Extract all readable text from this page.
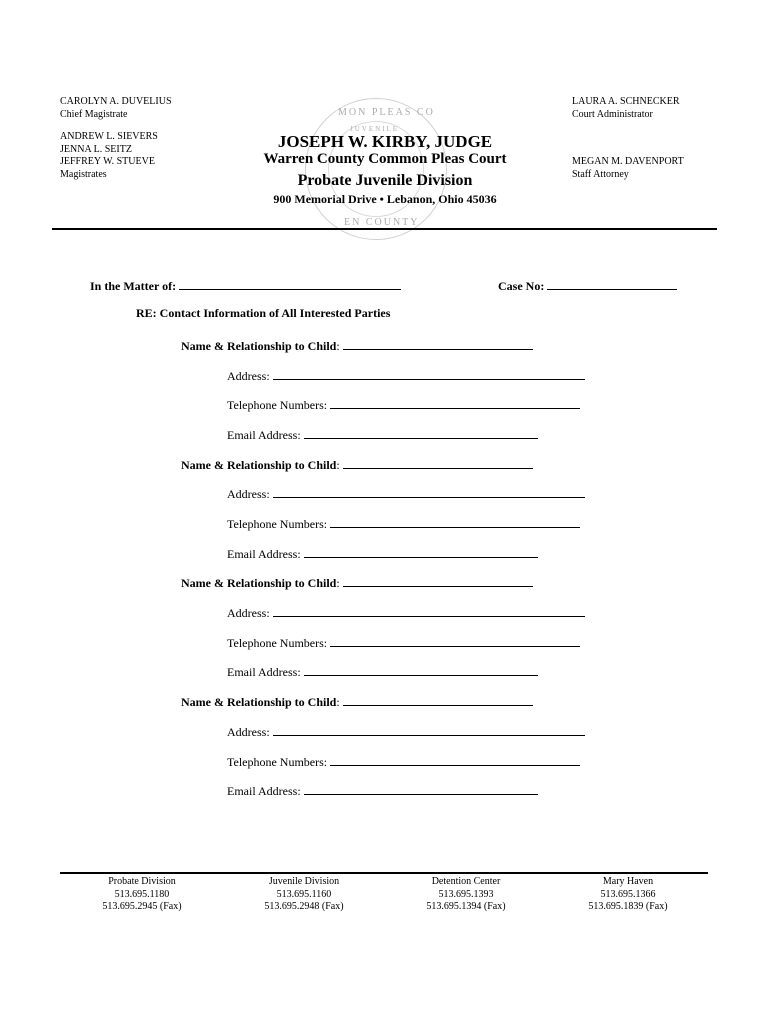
CAROLYN A. DUVELIUS
Chief Magistrate
ANDREW L. SIEVERS
JENNA L. SEITZ
JEFFREY W. STUEVE
Magistrates
LAURA A. SCHNECKER
Court Administrator
MEGAN M. DAVENPORT
Staff Attorney
MON PLEAS CO
JUVENILE
EN COUNTY
JOSEPH W. KIRBY, JUDGE
Warren County Common Pleas Court
Probate Juvenile Division
900 Memorial Drive • Lebanon, Ohio 45036
In the Matter of:	Case No:
RE: Contact Information of All Interested Parties
Name & Relationship to Child:
Address:
Telephone Numbers:
Email Address:
Name & Relationship to Child:
Address:
Telephone Numbers:
Email Address:
Name & Relationship to Child:
Address:
Telephone Numbers:
Email Address:
Name & Relationship to Child:
Address:
Telephone Numbers:
Email Address:
Probate Division
513.695.1180
513.695.2945 (Fax)
Juvenile Division
513.695.1160
513.695.2948 (Fax)
Detention Center
513.695.1393
513.695.1394 (Fax)
Mary Haven
513.695.1366
513.695.1839 (Fax)
